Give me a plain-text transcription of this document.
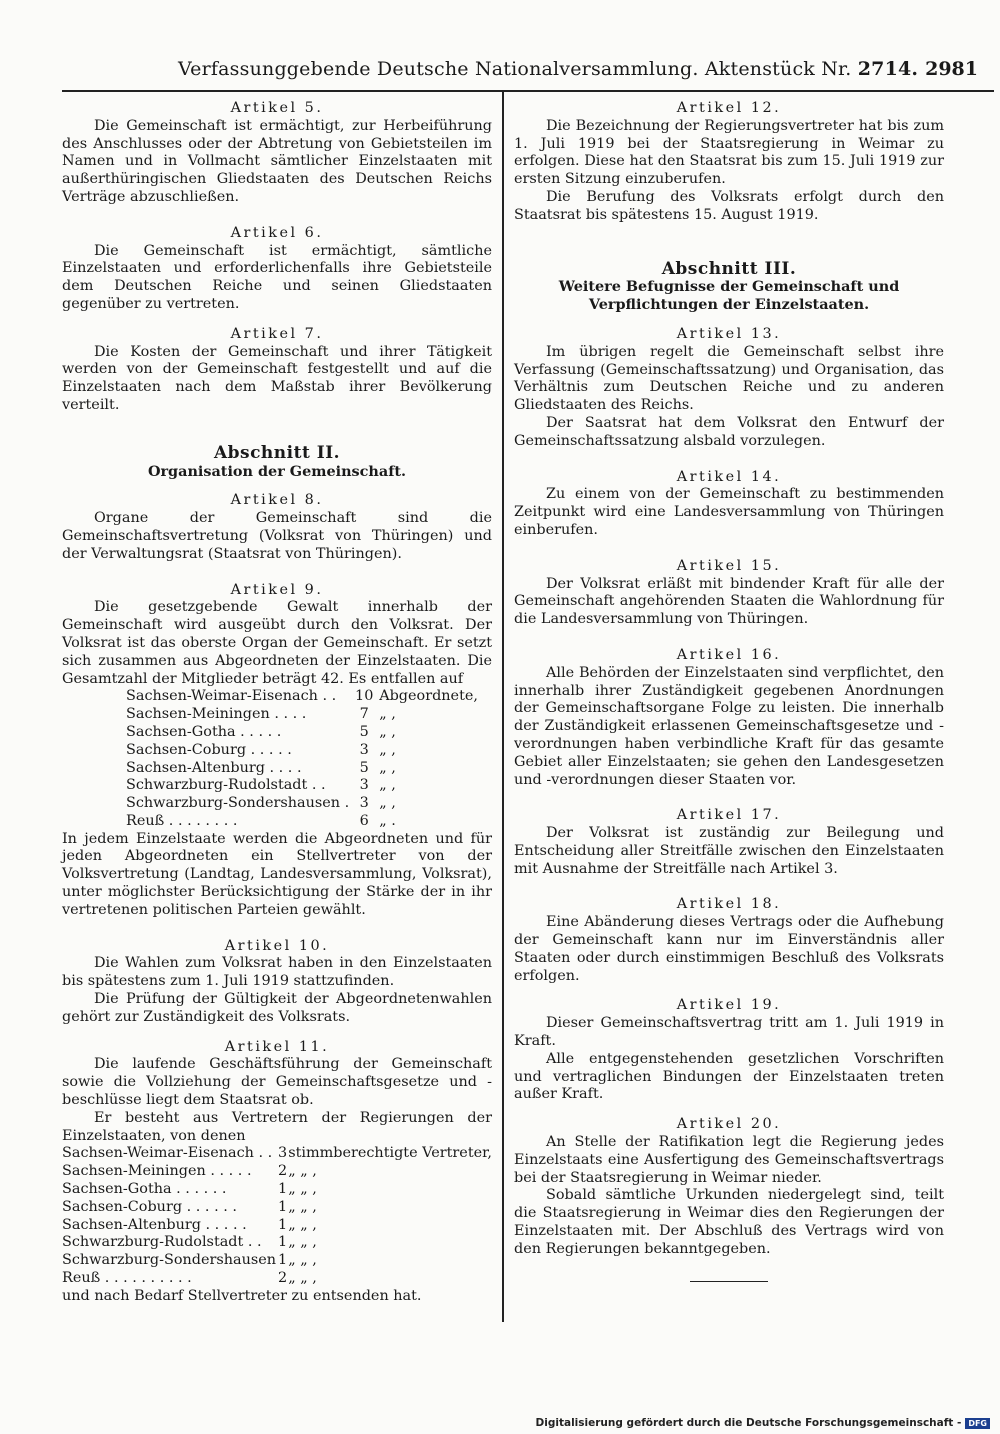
Verfassunggebende Deutsche Nationalversammlung. Aktenstück Nr. 2714. 2981

Artikel 5.

Die Gemeinschaft ist ermächtigt, zur Herbeiführung des Anschlusses oder der Abtretung von Gebietsteilen im Namen und in Vollmacht sämtlicher Einzelstaaten mit außerthüringischen Gliedstaaten des Deutschen Reichs Verträge abzuschließen.

Artikel 6.

Die Gemeinschaft ist ermächtigt, sämtliche Einzelstaaten und erforderlichenfalls ihre Gebietsteile dem Deutschen Reiche und seinen Gliedstaaten gegenüber zu vertreten.

Artikel 7.

Die Kosten der Gemeinschaft und ihrer Tätigkeit werden von der Gemeinschaft festgestellt und auf die Einzelstaaten nach dem Maßstab ihrer Bevölkerung verteilt.

Abschnitt II.

Organisation der Gemeinschaft.

Artikel 8.

Organe der Gemeinschaft sind die Gemeinschaftsvertretung (Volksrat von Thüringen) und der Verwaltungsrat (Staatsrat von Thüringen).

Artikel 9.

Die gesetzgebende Gewalt innerhalb der Gemeinschaft wird ausgeübt durch den Volksrat. Der Volksrat ist das oberste Organ der Gemeinschaft. Er setzt sich zusammen aus Abgeordneten der Einzelstaaten. Die Gesamtzahl der Mitglieder beträgt 42. Es entfallen auf

Sachsen-Weimar-Eisenach . .	10	Abgeordnete,
Sachsen-Meiningen . . . .	7	„ ,
Sachsen-Gotha . . . . .	5	„ ,
Sachsen-Coburg . . . . .	3	„ ,
Sachsen-Altenburg . . . .	5	„ ,
Schwarzburg-Rudolstadt . .	3	„ ,
Schwarzburg-Sondershausen .	3	„ ,
Reuß . . . . . . . .	6	„ .

In jedem Einzelstaate werden die Abgeordneten und für jeden Abgeordneten ein Stellvertreter von der Volksvertretung (Landtag, Landesversammlung, Volksrat), unter möglichster Berücksichtigung der Stärke der in ihr vertretenen politischen Parteien gewählt.

Artikel 10.

Die Wahlen zum Volksrat haben in den Einzelstaaten bis spätestens zum 1. Juli 1919 stattzufinden.

Die Prüfung der Gültigkeit der Abgeordnetenwahlen gehört zur Zuständigkeit des Volksrats.

Artikel 11.

Die laufende Geschäftsführung der Gemeinschaft sowie die Vollziehung der Gemeinschaftsgesetze und -beschlüsse liegt dem Staatsrat ob.

Er besteht aus Vertretern der Regierungen der Einzelstaaten, von denen

Sachsen-Weimar-Eisenach . .	3	stimmberechtigte Vertreter,
Sachsen-Meiningen . . . . .	2	„ „ ,
Sachsen-Gotha . . . . . .	1	„ „ ,
Sachsen-Coburg . . . . . .	1	„ „ ,
Sachsen-Altenburg . . . . .	1	„ „ ,
Schwarzburg-Rudolstadt . .	1	„ „ ,
Schwarzburg-Sondershausen	1	„ „ ,
Reuß . . . . . . . . . .	2	„ „ ,

und nach Bedarf Stellvertreter zu entsenden hat.

Artikel 12.

Die Bezeichnung der Regierungsvertreter hat bis zum 1. Juli 1919 bei der Staatsregierung in Weimar zu erfolgen. Diese hat den Staatsrat bis zum 15. Juli 1919 zur ersten Sitzung einzuberufen.

Die Berufung des Volksrats erfolgt durch den Staatsrat bis spätestens 15. August 1919.

Abschnitt III.

Weitere Befugnisse der Gemeinschaft und Verpflichtungen der Einzelstaaten.

Artikel 13.

Im übrigen regelt die Gemeinschaft selbst ihre Verfassung (Gemeinschaftssatzung) und Organisation, das Verhältnis zum Deutschen Reiche und zu anderen Gliedstaaten des Reichs.

Der Saatsrat hat dem Volksrat den Entwurf der Gemeinschaftssatzung alsbald vorzulegen.

Artikel 14.

Zu einem von der Gemeinschaft zu bestimmenden Zeitpunkt wird eine Landesversammlung von Thüringen einberufen.

Artikel 15.

Der Volksrat erläßt mit bindender Kraft für alle der Gemeinschaft angehörenden Staaten die Wahlordnung für die Landesversammlung von Thüringen.

Artikel 16.

Alle Behörden der Einzelstaaten sind verpflichtet, den innerhalb ihrer Zuständigkeit gegebenen Anordnungen der Gemeinschaftsorgane Folge zu leisten. Die innerhalb der Zuständigkeit erlassenen Gemeinschaftsgesetze und -verordnungen haben verbindliche Kraft für das gesamte Gebiet aller Einzelstaaten; sie gehen den Landesgesetzen und -verordnungen dieser Staaten vor.

Artikel 17.

Der Volksrat ist zuständig zur Beilegung und Entscheidung aller Streitfälle zwischen den Einzelstaaten mit Ausnahme der Streitfälle nach Artikel 3.

Artikel 18.

Eine Abänderung dieses Vertrags oder die Aufhebung der Gemeinschaft kann nur im Einverständnis aller Staaten oder durch einstimmigen Beschluß des Volksrats erfolgen.

Artikel 19.

Dieser Gemeinschaftsvertrag tritt am 1. Juli 1919 in Kraft.

Alle entgegenstehenden gesetzlichen Vorschriften und vertraglichen Bindungen der Einzelstaaten treten außer Kraft.

Artikel 20.

An Stelle der Ratifikation legt die Regierung jedes Einzelstaats eine Ausfertigung des Gemeinschaftsvertrags bei der Staatsregierung in Weimar nieder.

Sobald sämtliche Urkunden niedergelegt sind, teilt die Staatsregierung in Weimar dies den Regierungen der Einzelstaaten mit. Der Abschluß des Vertrags wird von den Regierungen bekanntgegeben.

Digitalisierung gefördert durch die Deutsche Forschungsgemeinschaft - DFG
